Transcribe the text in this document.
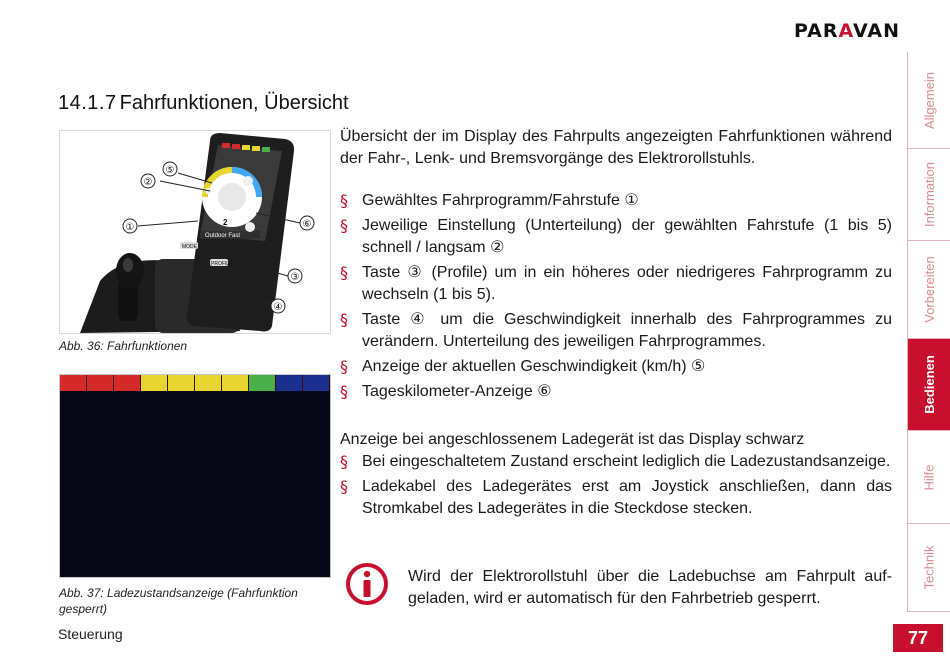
PARAVAN
14.1.7 Fahrfunktionen, Übersicht
⑤
②
①	⑥
③
④
Outdoor Fast
MODE
PROFILE
2
Abb. 36: Fahrfunktionen
Abb. 37: Ladezustandsanzeige (Fahrfunktion gesperrt)
Steuerung
Übersicht der im Display des Fahrpults angezeigten Fahrfunktionen während der Fahr-, Lenk- und Bremsvorgänge des Elektrorollstuhls.
§ Gewähltes Fahrprogramm/Fahrstufe ①
§ Jeweilige Einstellung (Unterteilung) der gewählten Fahrstufe (1 bis 5) schnell / langsam ②
§ Taste ③ (Profile) um in ein höheres oder niedrigeres Fahrprogramm zu wechseln (1 bis 5).
§ Taste ④ um die Geschwindigkeit innerhalb des Fahrprogrammes zu verändern. Unterteilung des jeweiligen Fahrprogrammes.
§ Anzeige der aktuellen Geschwindigkeit (km/h) ⑤
§ Tageskilometer-Anzeige ⑥
Anzeige bei angeschlossenem Ladegerät ist das Display schwarz
§ Bei eingeschaltetem Zustand erscheint lediglich die Ladezustandsanzeige.
§ Ladekabel des Ladegerätes erst am Joystick anschließen, dann das Stromkabel des Ladegerätes in die Steckdose stecken.
Wird der Elektrorollstuhl über die Ladebuchse am Fahrpult aufgeladen, wird er automatisch für den Fahrbetrieb gesperrt.
Allgemein
Information
Vorbereiten
Bedienen
Hilfe
Technik
77
